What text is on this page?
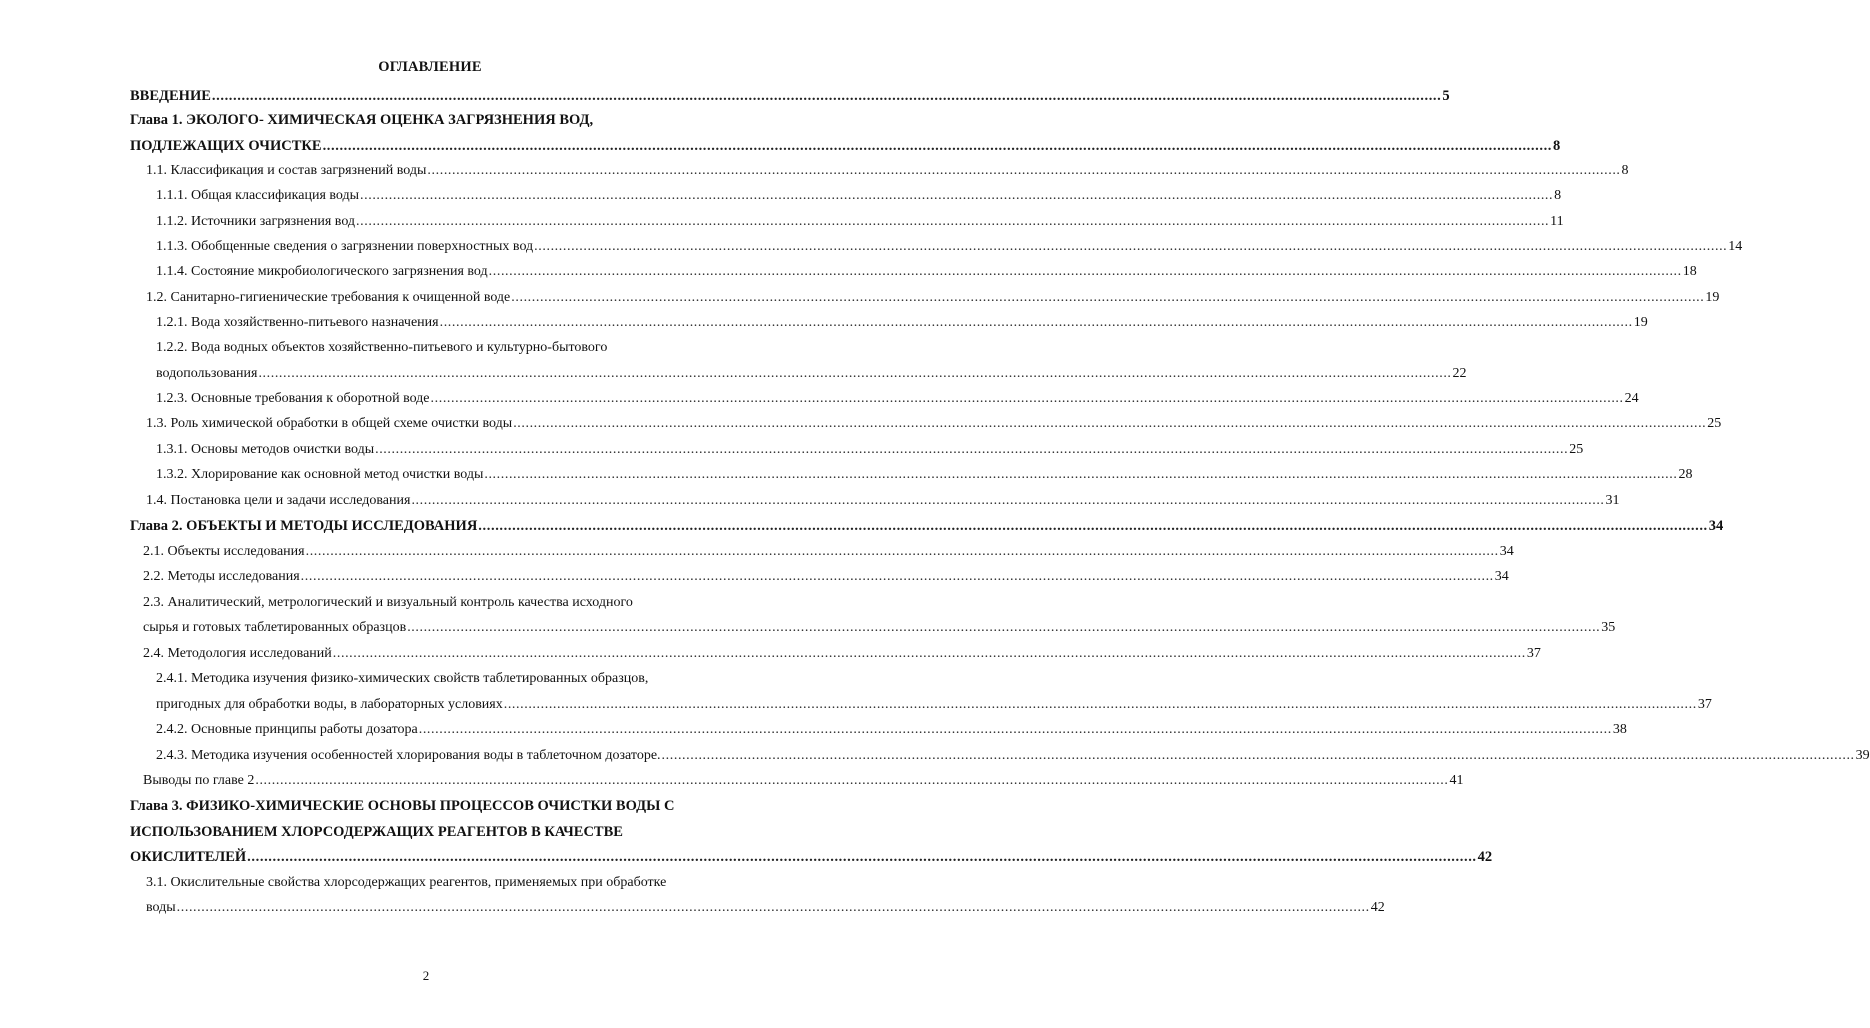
ОГЛАВЛЕНИЕ
ВВЕДЕНИЕ ................................................................................................................................................................................................................................................................................................... 5
Глава 1. ЭКОЛОГО- ХИМИЧЕСКАЯ ОЦЕНКА ЗАГРЯЗНЕНИЯ ВОД,
ПОДЛЕЖАЩИХ ОЧИСТКЕ ................................................................................................................................................................................................................................................................................................... 8
1.1. Классификация и состав загрязнений воды ................................................................................................................................................................................................................................................................................................... 8
1.1.1. Общая классификация воды ................................................................................................................................................................................................................................................................................................... 8
1.1.2. Источники загрязнения вод ................................................................................................................................................................................................................................................................................................... 11
1.1.3. Обобщенные сведения о загрязнении поверхностных вод ................................................................................................................................................................................................................................................................................................... 14
1.1.4. Состояние микробиологического загрязнения вод ................................................................................................................................................................................................................................................................................................... 18
1.2. Санитарно-гигиенические требования к очищенной воде ................................................................................................................................................................................................................................................................................................... 19
1.2.1. Вода хозяйственно-питьевого назначения ................................................................................................................................................................................................................................................................................................... 19
1.2.2. Вода водных объектов хозяйственно-питьевого и культурно-бытового
водопользования ................................................................................................................................................................................................................................................................................................... 22
1.2.3. Основные требования к оборотной воде ................................................................................................................................................................................................................................................................................................... 24
1.3. Роль химической обработки в общей схеме очистки воды ................................................................................................................................................................................................................................................................................................... 25
1.3.1. Основы методов очистки воды ................................................................................................................................................................................................................................................................................................... 25
1.3.2. Хлорирование как основной метод очистки воды ................................................................................................................................................................................................................................................................................................... 28
1.4. Постановка цели и задачи исследования ................................................................................................................................................................................................................................................................................................... 31
Глава 2. ОБЪЕКТЫ И МЕТОДЫ ИССЛЕДОВАНИЯ ................................................................................................................................................................................................................................................................................................... 34
2.1. Объекты исследования ................................................................................................................................................................................................................................................................................................... 34
2.2. Методы исследования ................................................................................................................................................................................................................................................................................................... 34
2.3. Аналитический, метрологический и визуальный контроль качества исходного
сырья и готовых таблетированных образцов ................................................................................................................................................................................................................................................................................................... 35
2.4. Методология исследований ................................................................................................................................................................................................................................................................................................... 37
2.4.1. Методика изучения физико-химических свойств таблетированных образцов,
пригодных для обработки воды, в лабораторных условиях ................................................................................................................................................................................................................................................................................................... 37
2.4.2. Основные принципы работы дозатора ................................................................................................................................................................................................................................................................................................... 38
2.4.3. Методика изучения особенностей хлорирования воды в таблеточном дозаторе. ................................................................................................................................................................................................................................................................................................... 39
Выводы по главе 2 ................................................................................................................................................................................................................................................................................................... 41
Глава 3. ФИЗИКО-ХИМИЧЕСКИЕ ОСНОВЫ ПРОЦЕССОВ ОЧИСТКИ ВОДЫ С
ИСПОЛЬЗОВАНИЕМ ХЛОРСОДЕРЖАЩИХ РЕАГЕНТОВ В КАЧЕСТВЕ
ОКИСЛИТЕЛЕЙ ................................................................................................................................................................................................................................................................................................... 42
3.1. Окислительные свойства хлорсодержащих реагентов, применяемых при обработке
воды ................................................................................................................................................................................................................................................................................................... 42
2
